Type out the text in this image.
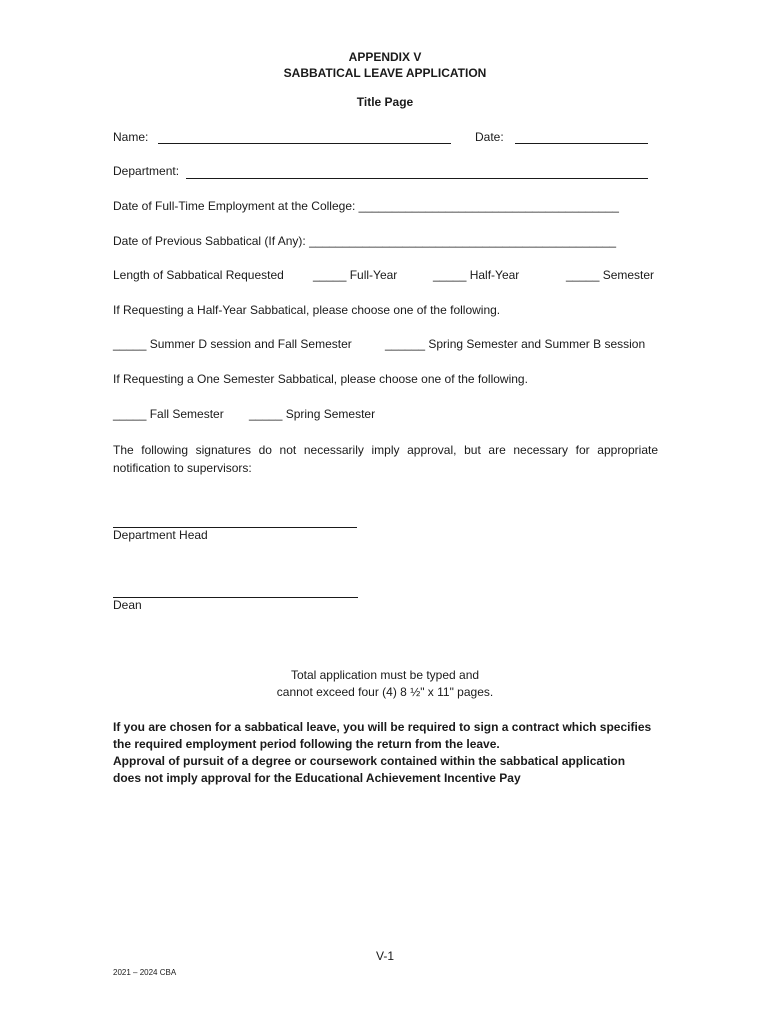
APPENDIX V
SABBATICAL LEAVE APPLICATION
Title Page
Name:	Date:
Department:
Date of Full-Time Employment at the College: _______________________________________
Date of Previous Sabbatical (If Any): ______________________________________________
Length of Sabbatical Requested _____ Full-Year	_____ Half-Year	_____ Semester
If Requesting a Half-Year Sabbatical, please choose one of the following.
_____ Summer D session and Fall Semester	______ Spring Semester and Summer B session
If Requesting a One Semester Sabbatical, please choose one of the following.
_____ Fall Semester _____ Spring Semester
The following signatures do not necessarily imply approval, but are necessary for appropriate notification to supervisors:
Department Head
Dean
Total application must be typed and
cannot exceed four (4) 8 ½" x 11" pages.
If you are chosen for a sabbatical leave, you will be required to sign a contract which specifies
the required employment period following the return from the leave.
Approval of pursuit of a degree or coursework contained within the sabbatical application
does not imply approval for the Educational Achievement Incentive Pay
V-1
2021 – 2024 CBA
